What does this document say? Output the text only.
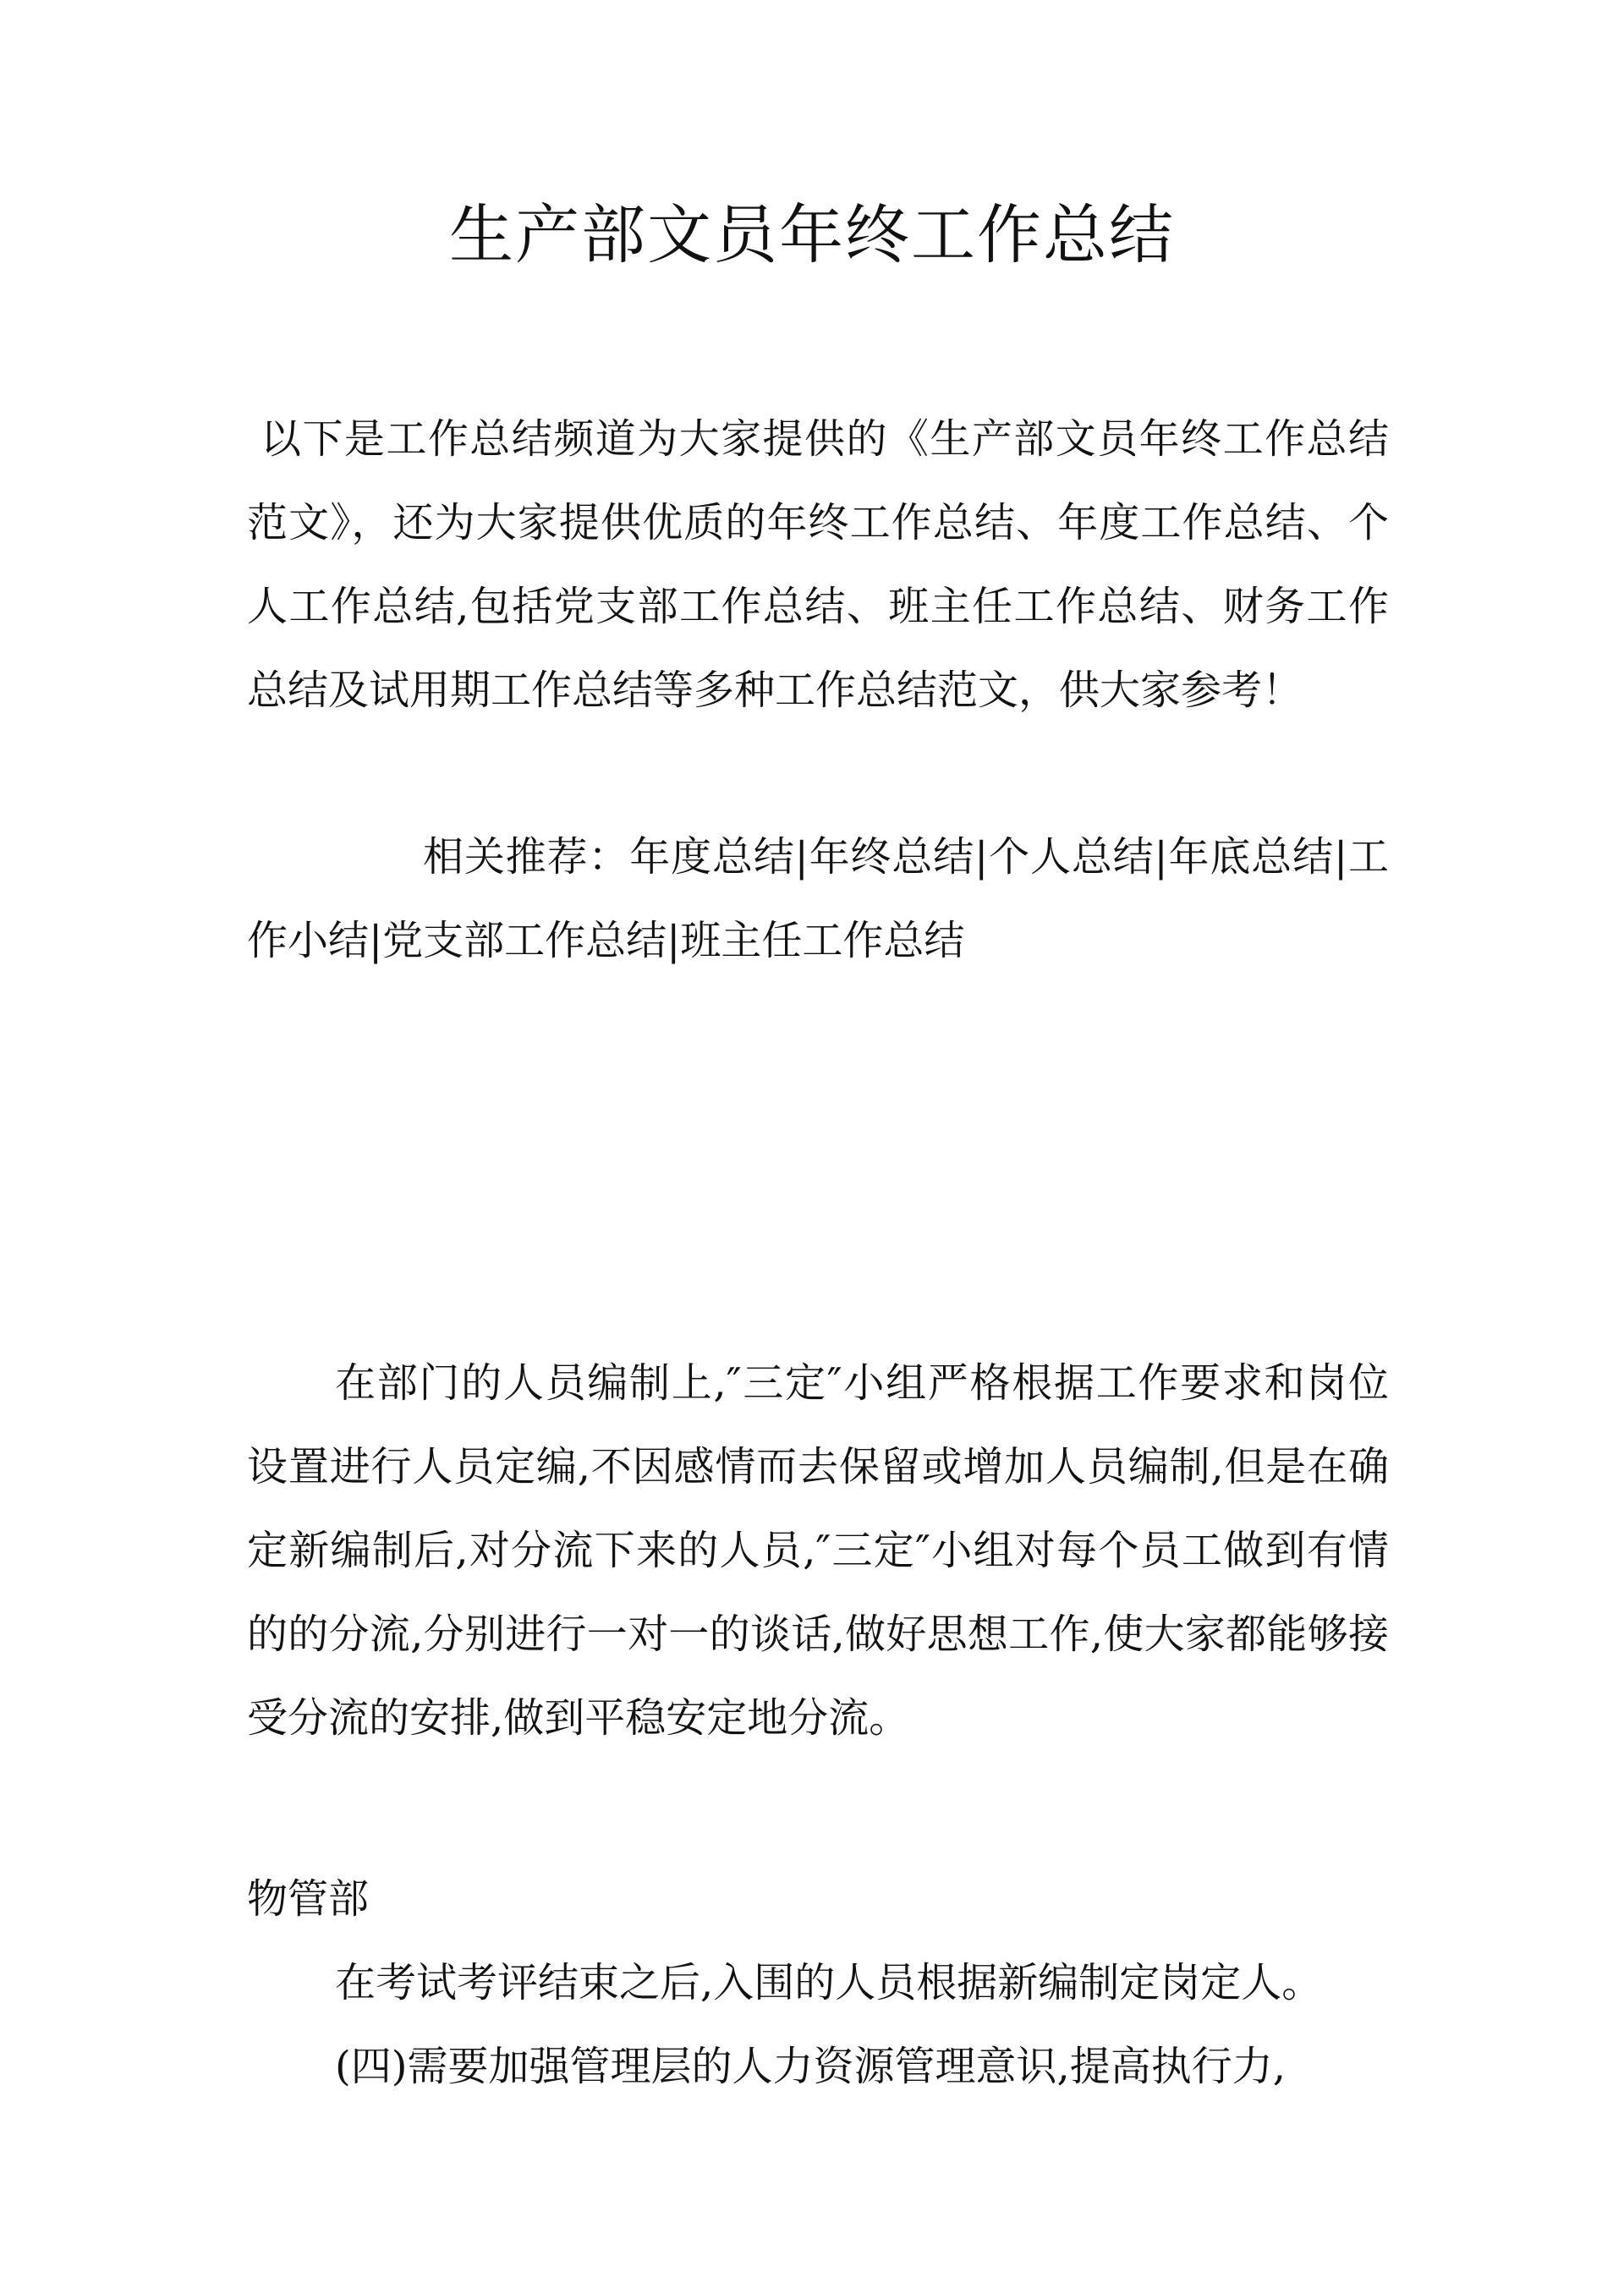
生产部文员年终工作总结

以下是工作总结频道为大家提供的《生产部文员年终工作总结范文》，还为大家提供优质的年终工作总结、年度工作总结、个人工作总结,包括党支部工作总结、班主任工作总结、财务工作总结及试用期工作总结等多种工作总结范文，供大家参考！

相关推荐：年度总结|年终总结|个人总结|年底总结|工作小结|党支部工作总结|班主任工作总结

在部门的人员编制上,″三定″小组严格根据工作要求和岗位设置进行人员定编,不因感情而去保留或增加人员编制,但是在确定新编制后,对分流下来的人员,″三定″小组对每个员工做到有情的的分流,分别进行一对一的谈话,做好思想工作,使大家都能够接受分流的安排,做到平稳安定地分流。

物管部

在考试考评结束之后,入围的人员根据新编制定岗定人。

(四)需要加强管理层的人力资源管理意识,提高执行力,
